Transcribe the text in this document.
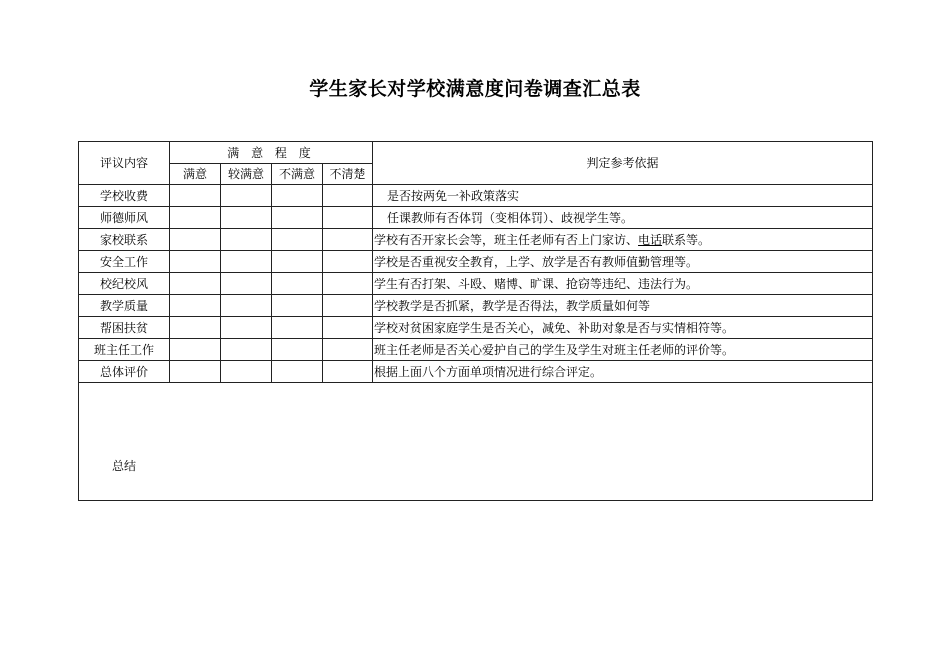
学生家长对学校满意度问卷调查汇总表
评议内容	满 意 程 度				判定参考依据
	满意	较满意	不满意	不清楚	
学校收费					是否按两免一补政策落实
师德师风					任课教师有否体罚（变相体罚）、歧视学生等。
家校联系					学校有否开家长会等，班主任老师有否上门家访、电话联系等。
安全工作					学校是否重视安全教育，上学、放学是否有教师值勤管理等。
校纪校风					学生有否打架、斗殴、赌博、旷课、抢窃等违纪、违法行为。
教学质量					学校教学是否抓紧，教学是否得法，教学质量如何等
帮困扶贫					学校对贫困家庭学生是否关心，减免、补助对象是否与实情相符等。
班主任工作					班主任老师是否关心爱护自己的学生及学生对班主任老师的评价等。
总体评价					根据上面八个方面单项情况进行综合评定。
总结					
